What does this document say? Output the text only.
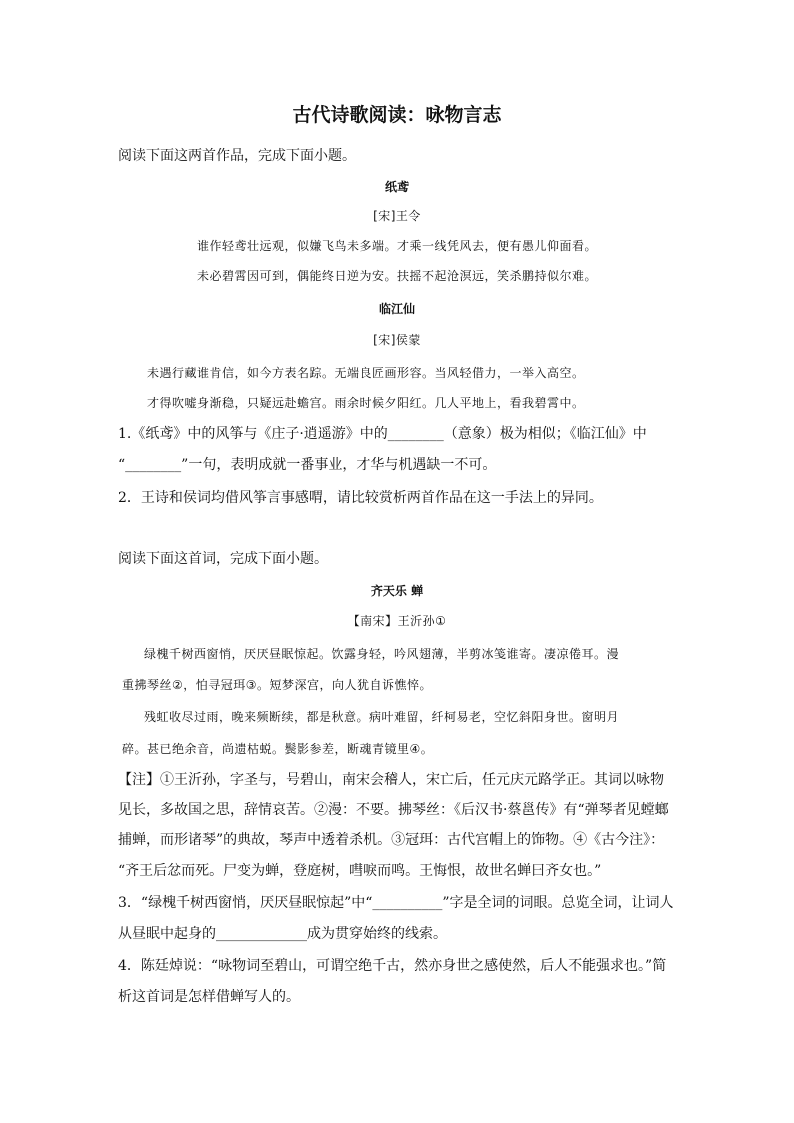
古代诗歌阅读：咏物言志
阅读下面这两首作品，完成下面小题。
纸鸢
[宋]王令
谁作轻鸢壮远观，似嫌飞鸟未多端。才乘一线凭风去，便有愚儿仰面看。
未必碧霄因可到，偶能终日逆为安。扶摇不起沧溟远，笑杀鹏持似尔难。
临江仙
[宋]侯蒙
未遇行藏谁肯信，如今方表名踪。无端良匠画形容。当风轻借力，一举入高空。
才得吹嘘身渐稳，只疑远赴蟾宫。雨余时候夕阳红。几人平地上，看我碧霄中。
1.《纸鸢》中的风筝与《庄子·逍遥游》中的________（意象）极为相似；《临江仙》中
“________”一句，表明成就一番事业，才华与机遇缺一不可。
2．王诗和侯词均借风筝言事感喟，请比较赏析两首作品在这一手法上的异同。
阅读下面这首词，完成下面小题。
齐天乐 蝉
【南宋】王沂孙①
绿槐千树西窗悄，厌厌昼眠惊起。饮露身轻，吟风翅薄，半剪冰笺谁寄。凄凉倦耳。漫
重拂琴丝②，怕寻冠珥③。短梦深宫，向人犹自诉憔悴。
残虹收尽过雨，晚来频断续，都是秋意。病叶难留，纤柯易老，空忆斜阳身世。窗明月
碎。甚已绝余音，尚遗枯蜕。鬓影参差，断魂青镜里④。
【注】①王沂孙，字圣与，号碧山，南宋会稽人，宋亡后，任元庆元路学正。其词以咏物
见长，多故国之思，辞情哀苦。②漫：不要。拂琴丝：《后汉书·蔡邕传》有“弹琴者见螳螂
捕蝉，而形诸琴”的典故，琴声中透着杀机。③冠珥：古代宫帽上的饰物。④《古今注》：
“齐王后忿而死。尸变为蝉，登庭树，嘒唳而鸣。王悔恨，故世名蝉曰齐女也。”
3．“绿槐千树西窗悄，厌厌昼眠惊起”中“__________”字是全词的词眼。总览全词，让词人
从昼眠中起身的_____________成为贯穿始终的线索。
4．陈廷焯说：“咏物词至碧山，可谓空绝千古，然亦身世之感使然，后人不能强求也。”简
析这首词是怎样借蝉写人的。
